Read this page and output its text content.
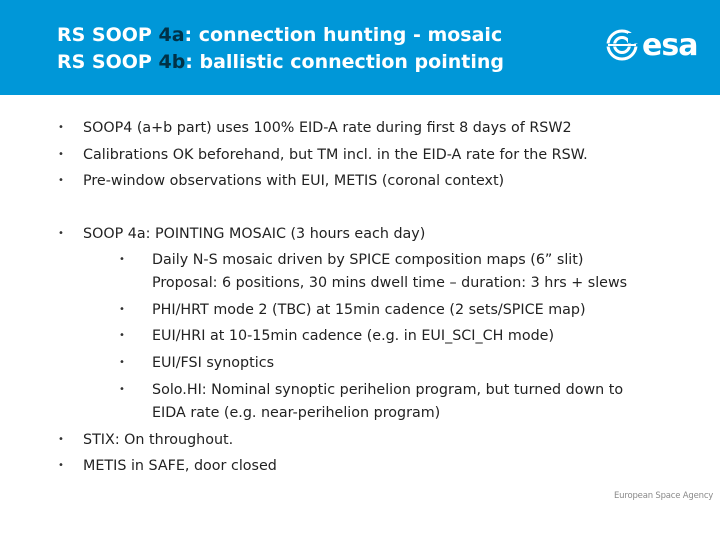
RS SOOP 4a: connection hunting - mosaic
RS SOOP 4b: ballistic connection pointing	esa
• SOOP4 (a+b part) uses 100% EID-A rate during first 8 days of RSW2
• Calibrations OK beforehand, but TM incl. in the EID-A rate for the RSW.
• Pre-window observations with EUI, METIS (coronal context)
• SOOP 4a: POINTING MOSAIC (3 hours each day)
• Daily N-S mosaic driven by SPICE composition maps (6” slit)
Proposal: 6 positions, 30 mins dwell time – duration: 3 hrs + slews
• PHI/HRT mode 2 (TBC) at 15min cadence (2 sets/SPICE map)
• EUI/HRI at 10-15min cadence (e.g. in EUI_SCI_CH mode)
• EUI/FSI synoptics
• Solo.HI: Nominal synoptic perihelion program, but turned down to
EIDA rate (e.g. near-perihelion program)
• STIX: On throughout.
• METIS in SAFE, door closed
European Space Agency
